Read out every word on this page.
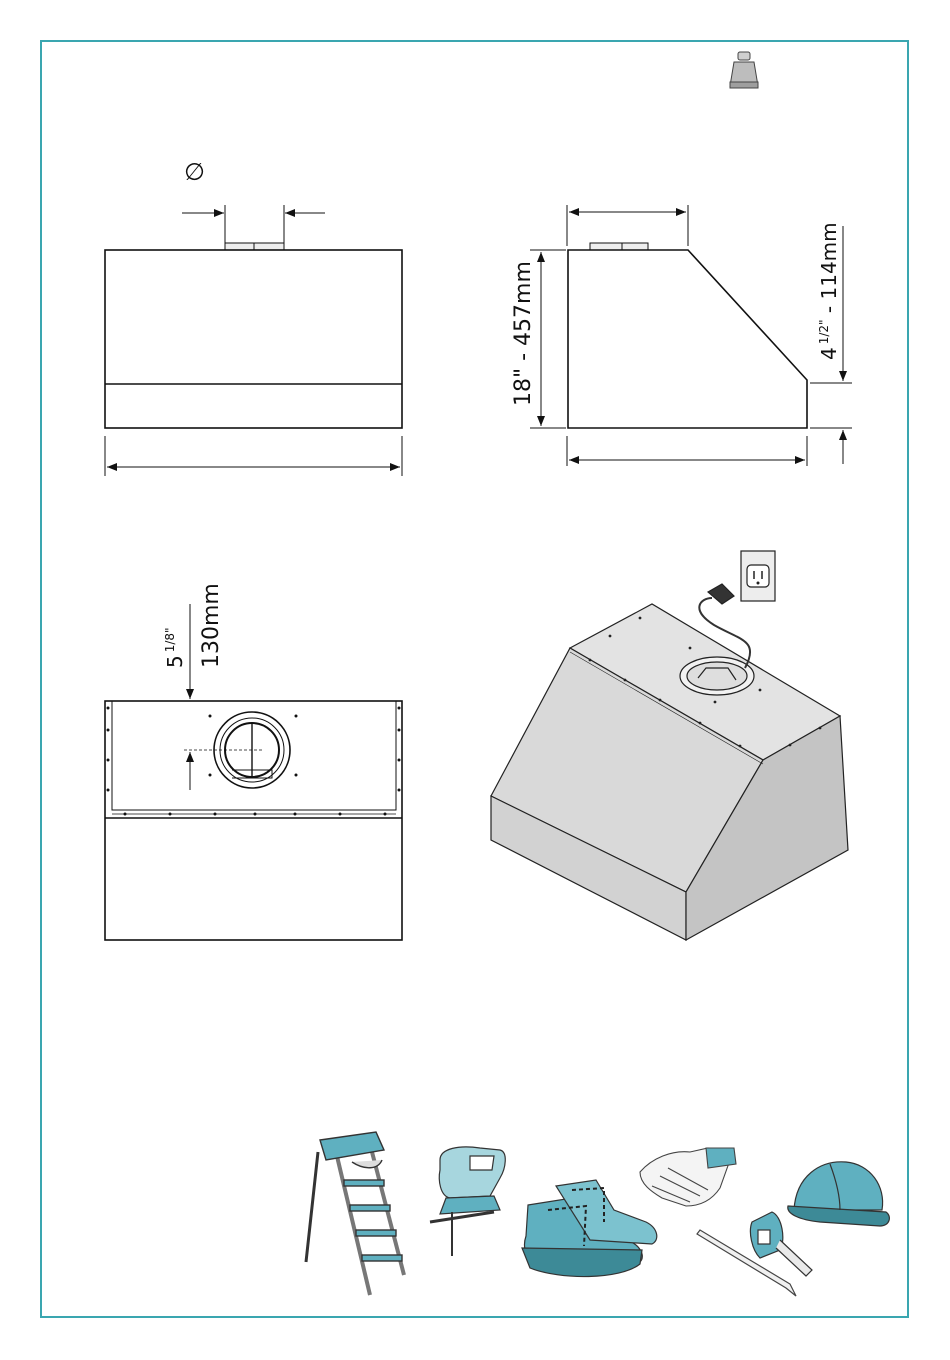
∅
18" - 457mm	$4^{1/2"} - 114mm$
$5^{1/8"}$	130mm
